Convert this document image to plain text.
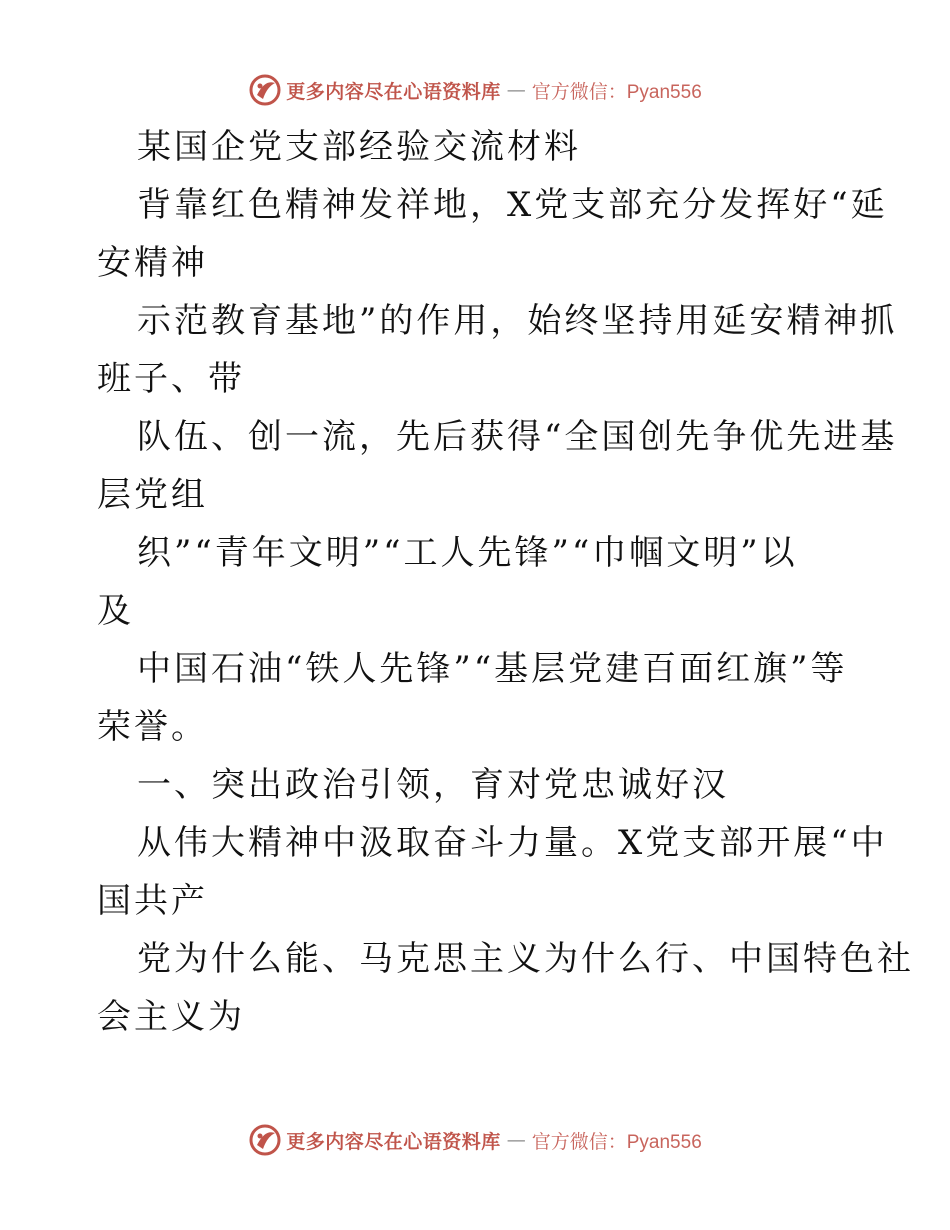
更多内容尽在心语资料库 — 官方微信：Pyan556
某国企党支部经验交流材料
背靠红色精神发祥地，X党支部充分发挥好“延
安精神
示范教育基地”的作用，始终坚持用延安精神抓
班子、带
队伍、创一流，先后获得“全国创先争优先进基
层党组
织”“青年文明”“工人先锋”“巾帼文明”以
及
中国石油“铁人先锋”“基层党建百面红旗”等
荣誉。
一、突出政治引领，育对党忠诚好汉
从伟大精神中汲取奋斗力量。X党支部开展“中
国共产
党为什么能、马克思主义为什么行、中国特色社
会主义为
更多内容尽在心语资料库 — 官方微信：Pyan556
